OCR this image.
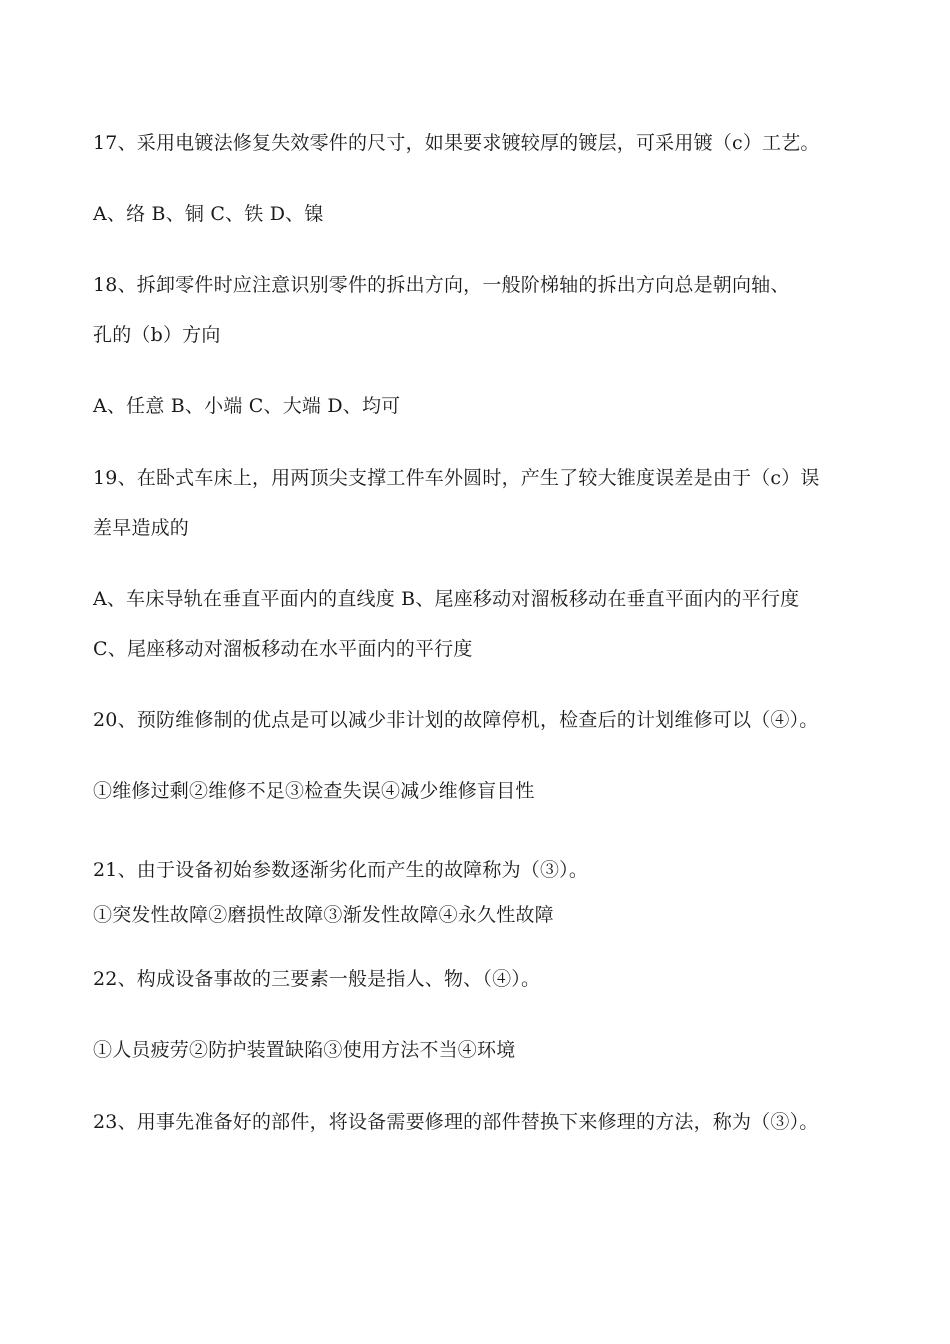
17、采用电镀法修复失效零件的尺寸，如果要求镀较厚的镀层，可采用镀（c）工艺。
A、络 B、铜 C、铁 D、镍
18、拆卸零件时应注意识别零件的拆出方向，一般阶梯轴的拆出方向总是朝向轴、
孔的（b）方向
A、任意 B、小端 C、大端 D、均可
19、在卧式车床上，用两顶尖支撑工件车外圆时，产生了较大锥度误差是由于（c）误
差早造成的
A、车床导轨在垂直平面内的直线度 B、尾座移动对溜板移动在垂直平面内的平行度
C、尾座移动对溜板移动在水平面内的平行度
20、预防维修制的优点是可以减少非计划的故障停机，检查后的计划维修可以（④）。
①维修过剩②维修不足③检查失误④减少维修盲目性
21、由于设备初始参数逐渐劣化而产生的故障称为（③）。
①突发性故障②磨损性故障③渐发性故障④永久性故障
22、构成设备事故的三要素一般是指人、物、（④）。
①人员疲劳②防护装置缺陷③使用方法不当④环境
23、用事先准备好的部件，将设备需要修理的部件替换下来修理的方法，称为（③）。
